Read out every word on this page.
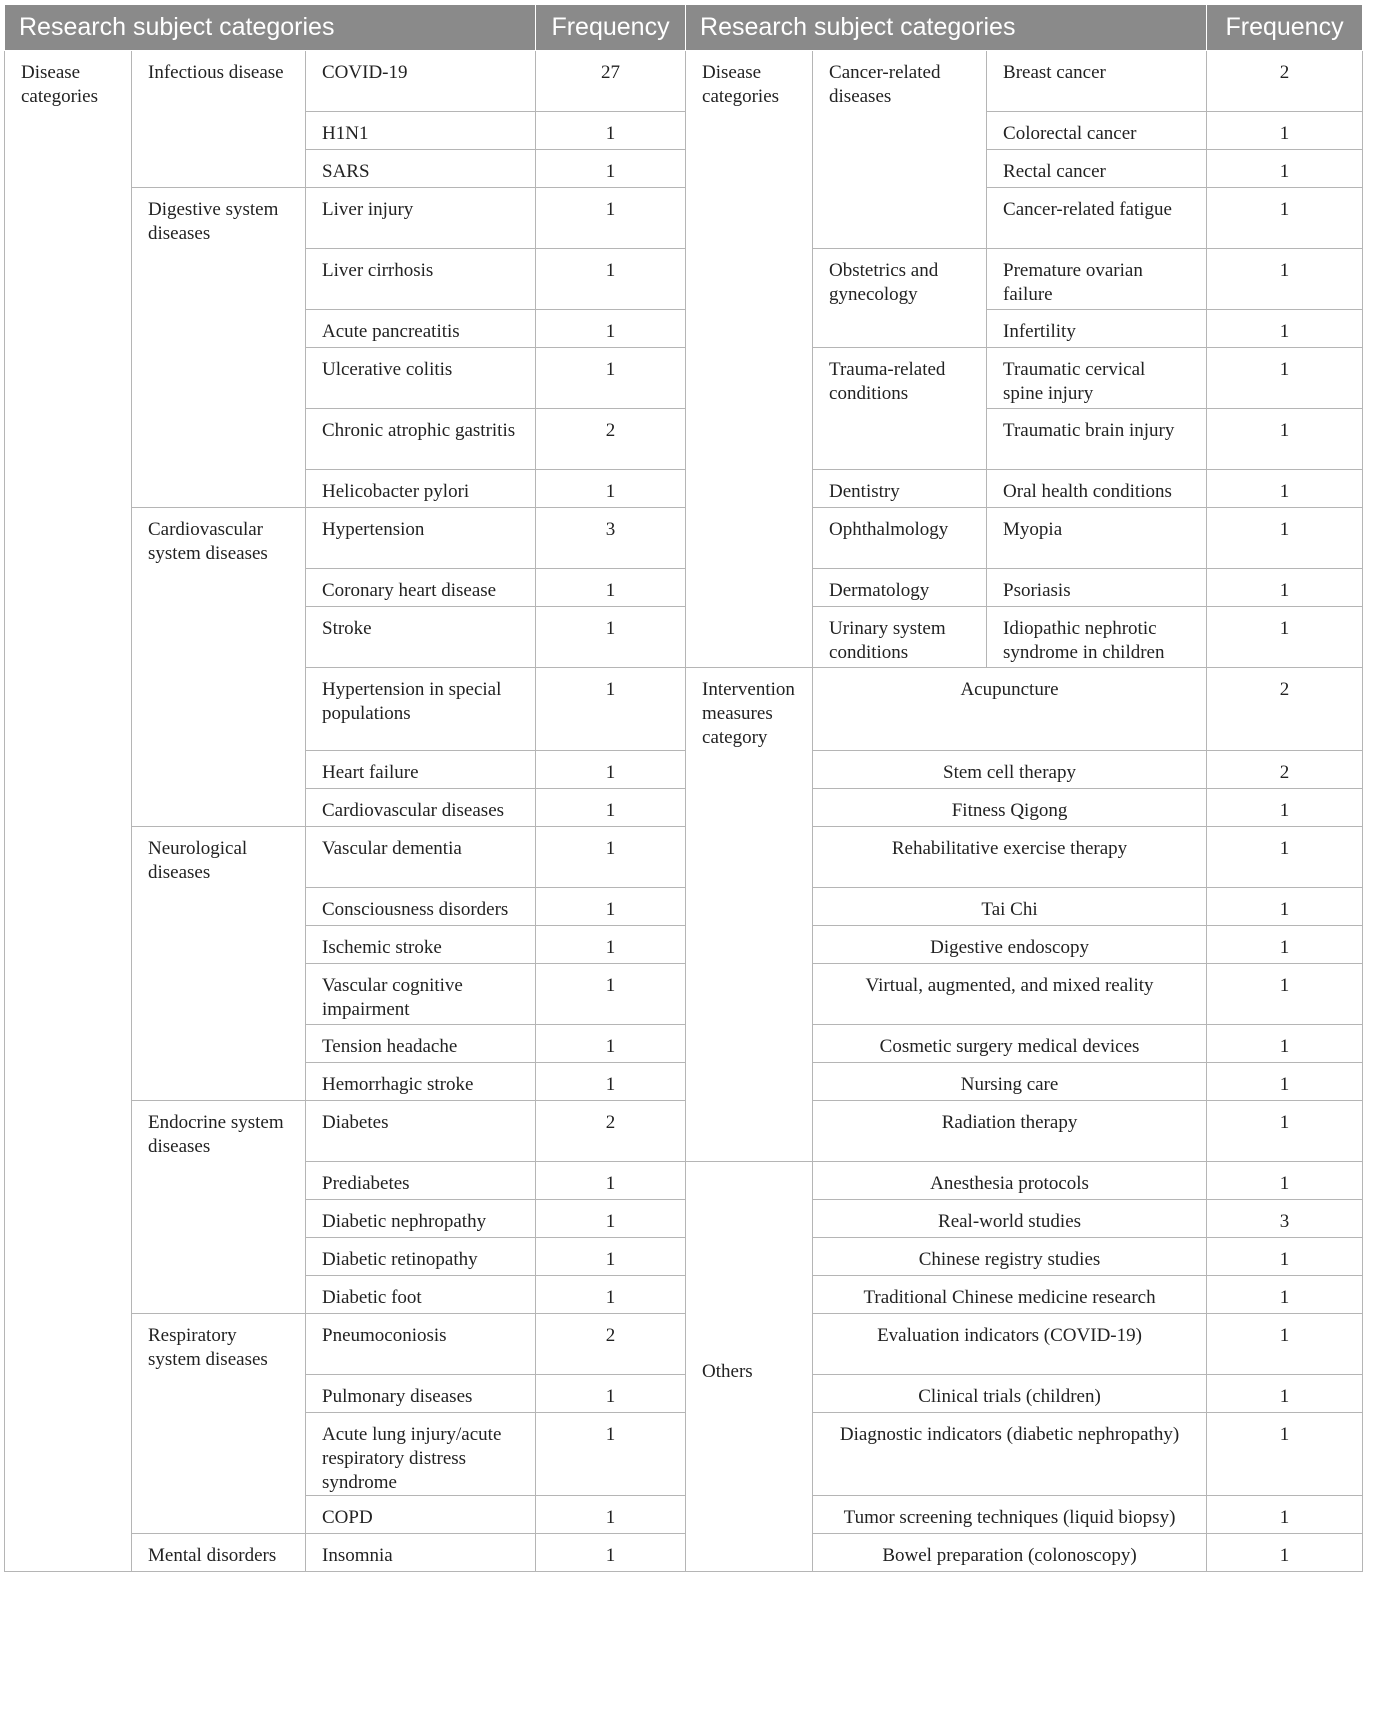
Research subject categories			Frequency	Research subject categories			Frequency
Disease categories	Infectious disease	COVID-19	27	Disease categories	Cancer-related diseases	Breast cancer	2
		H1N1	1			Colorectal cancer	1
		SARS	1			Rectal cancer	1
	Digestive system diseases	Liver injury	1			Cancer-related fatigue	1
		Liver cirrhosis	1		Obstetrics and gynecology	Premature ovarian failure	1
		Acute pancreatitis	1			Infertility	1
		Ulcerative colitis	1		Trauma-related conditions	Traumatic cervical spine injury	1
		Chronic atrophic gastritis	2			Traumatic brain injury	1
		Helicobacter pylori	1		Dentistry	Oral health conditions	1
	Cardiovascular system diseases	Hypertension	3		Ophthalmology	Myopia	1
		Coronary heart disease	1		Dermatology	Psoriasis	1
		Stroke	1		Urinary system conditions	Idiopathic nephrotic syndrome in children	1
		Hypertension in special populations	1	Intervention measures category	Acupuncture		2
		Heart failure	1		Stem cell therapy		2
		Cardiovascular diseases	1		Fitness Qigong		1
	Neurological diseases	Vascular dementia	1		Rehabilitative exercise therapy		1
		Consciousness disorders	1		Tai Chi		1
		Ischemic stroke	1		Digestive endoscopy		1
		Vascular cognitive impairment	1		Virtual, augmented, and mixed reality		1
		Tension headache	1		Cosmetic surgery medical devices		1
		Hemorrhagic stroke	1		Nursing care		1
	Endocrine system diseases	Diabetes	2		Radiation therapy		1
		Prediabetes	1	Others	Anesthesia protocols		1
		Diabetic nephropathy	1		Real-world studies		3
		Diabetic retinopathy	1		Chinese registry studies		1
		Diabetic foot	1		Traditional Chinese medicine research		1
	Respiratory system diseases	Pneumoconiosis	2		Evaluation indicators (COVID-19)		1
		Pulmonary diseases	1		Clinical trials (children)		1
		Acute lung injury/acute respiratory distress syndrome	1		Diagnostic indicators (diabetic nephropathy)		1
		COPD	1		Tumor screening techniques (liquid biopsy)		1
	Mental disorders	Insomnia	1		Bowel preparation (colonoscopy)		1
